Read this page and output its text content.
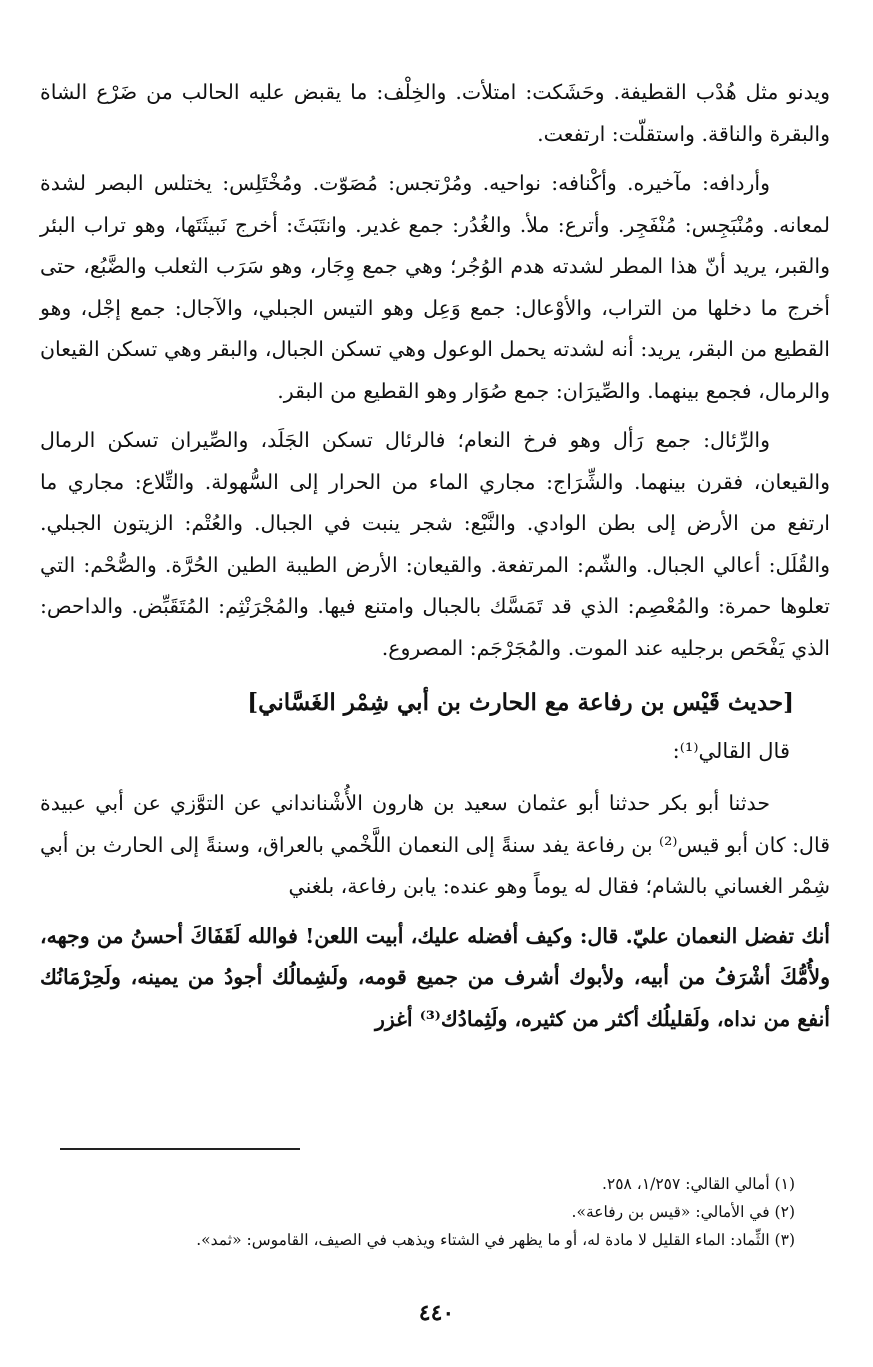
ويدنو مثل هُدْب القطيفة. وحَشَكت: امتلأت. والخِلْف: ما يقبض عليه الحالب من ضَرْع الشاة والبقرة والناقة. واستقلّت: ارتفعت.

وأردافه: مآخيره. وأكْنافه: نواحيه. ومُرْتجس: مُصَوّت. ومُخْتَلِس: يختلس البصر لشدة لمعانه. ومُنْبَجِس: مُنْفَجِر. وأترع: ملأ. والغُدُر: جمع غدير. وانتَبَثَ: أخرج نَبيثَتَها، وهو تراب البئر والقبر، يريد أنّ هذا المطر لشدته هدم الوُجُر؛ وهي جمع وِجَار، وهو سَرَب الثعلب والضَّبُع، حتى أخرج ما دخلها من التراب، والأوْعال: جمع وَعِل وهو التيس الجبلي، والآجال: جمع إجْل، وهو القطيع من البقر، يريد: أنه لشدته يحمل الوعول وهي تسكن الجبال، والبقر وهي تسكن القيعان والرمال، فجمع بينهما. والصِّيرَان: جمع صُوَار وهو القطيع من البقر.

والرِّئال: جمع رَأل وهو فرخ النعام؛ فالرئال تسكن الجَلَد، والصِّيران تسكن الرمال والقيعان، فقرن بينهما. والشِّرَاج: مجاري الماء من الحرار إلى السُّهولة. والتِّلاع: مجاري ما ارتفع من الأرض إلى بطن الوادي. والنَّبْع: شجر ينبت في الجبال. والعُتْم: الزيتون الجبلي. والقُلَل: أعالي الجبال. والشّم: المرتفعة. والقيعان: الأرض الطيبة الطين الحُرَّة. والصُّحْم: التي تعلوها حمرة: والمُعْصِم: الذي قد تَمَسَّك بالجبال وامتنع فيها. والمُجْرَنْثِم: المُتَقَبِّض. والداحص: الذي يَفْحَص برجليه عند الموت. والمُجَرْجَم: المصروع.

[حديث قَيْس بن رفاعة مع الحارث بن أبي شِمْر الغَسَّاني]
قال القالي⁽¹⁾:

حدثنا أبو بكر حدثنا أبو عثمان سعيد بن هارون الأُشْنانداني عن التوَّزي عن أبي عبيدة قال: كان أبو قيس⁽²⁾ بن رفاعة يفد سنةً إلى النعمان اللَّخْمي بالعراق، وسنةً إلى الحارث بن أبي شِمْر الغساني بالشام؛ فقال له يوماً وهو عنده: يابن رفاعة، بلغني

أنك تفضل النعمان عليّ. قال: وكيف أفضله عليك، أبيت اللعن! فوالله لَقَفَاكَ أحسنُ من وجهه، ولأُمُّكَ أشْرَفُ من أبيه، ولأبوك أشرف من جميع قومه، ولَشِمالُك أجودُ من يمينه، ولَحِرْمَانُك أنفع من نداه، ولَقليلُك أكثر من كثيره، ولَثِمادُك⁽³⁾ أغزر

(١) أمالي القالي: ١/٢٥٧، ٢٥٨.

(٢) في الأمالي: «قيس بن رفاعة».

(٣) الثِّماد: الماء القليل لا مادة له، أو ما يظهر في الشتاء ويذهب في الصيف، القاموس: «ثمد».

٤٤٠
